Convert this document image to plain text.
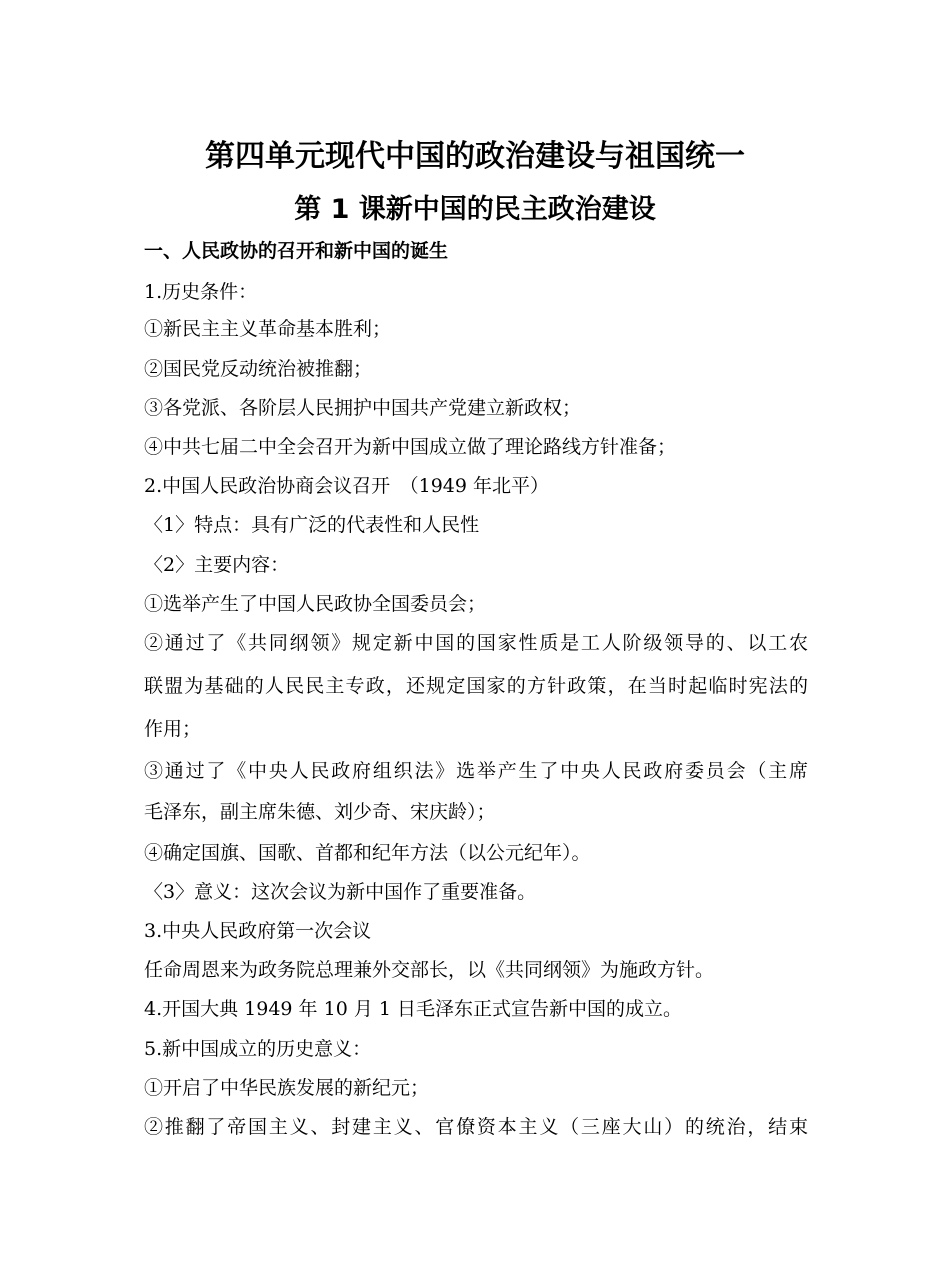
第四单元现代中国的政治建设与祖国统一
第 1 课新中国的民主政治建设
一、人民政协的召开和新中国的诞生
1.历史条件：
①新民主主义革命基本胜利；
②国民党反动统治被推翻；
③各党派、各阶层人民拥护中国共产党建立新政权；
④中共七届二中全会召开为新中国成立做了理论路线方针准备；
2.中国人民政治协商会议召开　（1949 年北平）
〈1〉特点：具有广泛的代表性和人民性
〈2〉主要内容：
①选举产生了中国人民政协全国委员会；
②通过了《共同纲领》规定新中国的国家性质是工人阶级领导的、以工农
联盟为基础的人民民主专政，还规定国家的方针政策，在当时起临时宪法的
作用；
③通过了《中央人民政府组织法》选举产生了中央人民政府委员会（主席
毛泽东，副主席朱德、刘少奇、宋庆龄）；
④确定国旗、国歌、首都和纪年方法（以公元纪年）。
〈3〉意义：这次会议为新中国作了重要准备。
3.中央人民政府第一次会议
任命周恩来为政务院总理兼外交部长，以《共同纲领》为施政方针。
4.开国大典 1949 年 10 月 1 日毛泽东正式宣告新中国的成立。
5.新中国成立的历史意义：
①开启了中华民族发展的新纪元；
②推翻了帝国主义、封建主义、官僚资本主义（三座大山）的统治，结束
